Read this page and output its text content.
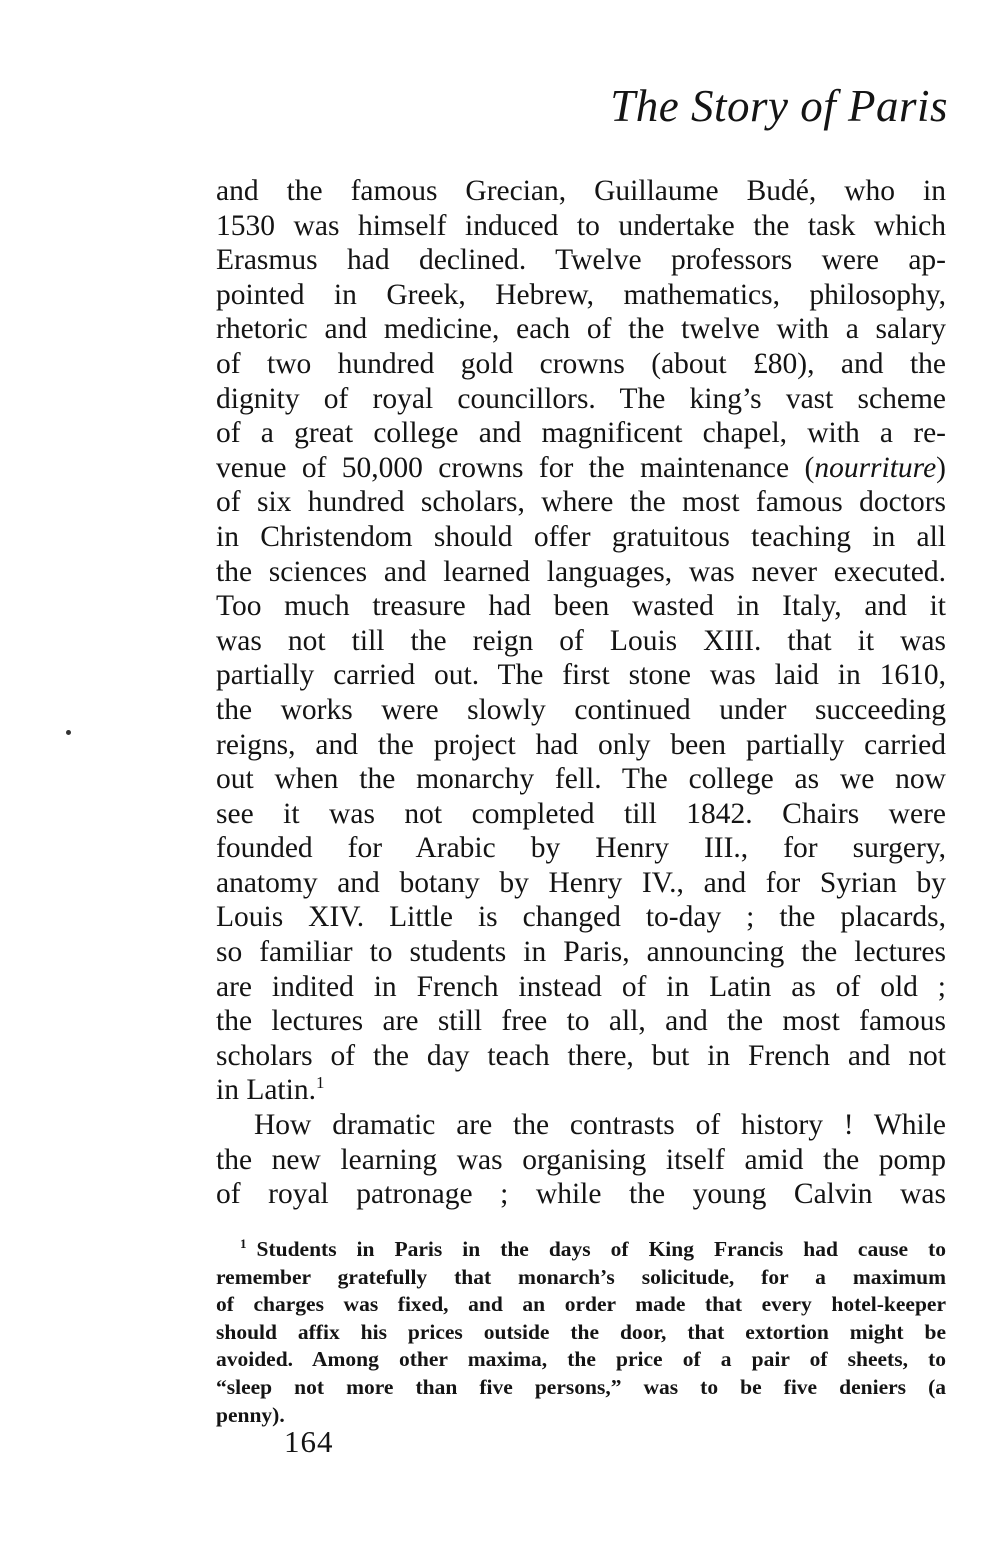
The Story of Paris
and the famous Grecian, Guillaume Budé, who in
1530 was himself induced to undertake the task which
Erasmus had declined. Twelve professors were ap-
pointed in Greek, Hebrew, mathematics, philosophy,
rhetoric and medicine, each of the twelve with a salary
of two hundred gold crowns (about £80), and the
dignity of royal councillors. The king’s vast scheme
of a great college and magnificent chapel, with a re-
venue of 50,000 crowns for the maintenance (nourriture)
of six hundred scholars, where the most famous doctors
in Christendom should offer gratuitous teaching in all
the sciences and learned languages, was never executed.
Too much treasure had been wasted in Italy, and it
was not till the reign of Louis XIII. that it was
partially carried out. The first stone was laid in 1610,
the works were slowly continued under succeeding
reigns, and the project had only been partially carried
out when the monarchy fell. The college as we now
see it was not completed till 1842. Chairs were
founded for Arabic by Henry III., for surgery,
anatomy and botany by Henry IV., and for Syrian by
Louis XIV. Little is changed to-day ; the placards,
so familiar to students in Paris, announcing the lectures
are indited in French instead of in Latin as of old ;
the lectures are still free to all, and the most famous
scholars of the day teach there, but in French and not
in Latin.$^1$
How dramatic are the contrasts of history ! While
the new learning was organising itself amid the pomp
of royal patronage ; while the young Calvin was
$^1$ Students in Paris in the days of King Francis had cause to
remember gratefully that monarch’s solicitude, for a maximum
of charges was fixed, and an order made that every hotel-keeper
should affix his prices outside the door, that extortion might be
avoided. Among other maxima, the price of a pair of sheets, to
“sleep not more than five persons,” was to be five deniers (a
penny).
164
